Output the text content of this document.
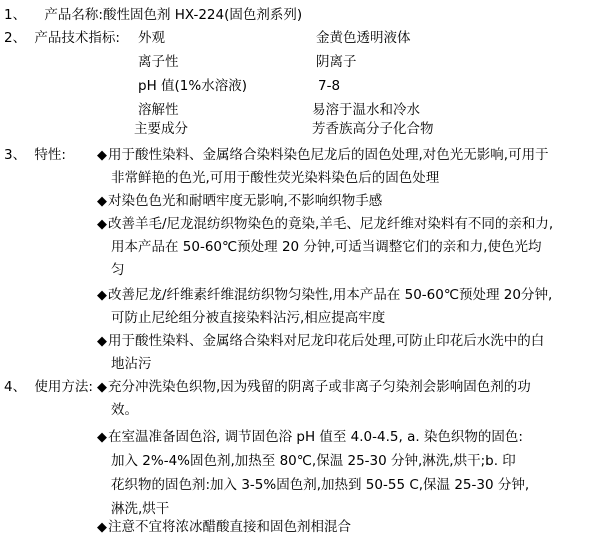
1、 产品名称:酸性固色剂 HX-224(固色剂系列)
2、 产品技术指标: 外观	金黄色透明液体
离子性	阴离子
pH 值(1%水溶液)	7-8
溶解性	易溶于温水和冷水
主要成分	芳香族高分子化合物
3、 特性: ◆用于酸性染料、金属络合染料染色尼龙后的固色处理,对色光无影响,可用于
非常鲜艳的色光,可用于酸性荧光染料染色后的固色处理
◆对染色色光和耐晒牢度无影响,不影响织物手感
◆改善羊毛/尼龙混纺织物染色的竟染,羊毛、尼龙纤维对染料有不同的亲和力,
用本产品在 50-60℃预处理 20 分钟,可适当调整它们的亲和力,使色光均
匀
◆改善尼龙/纤维素纤维混纺织物匀染性,用本产品在 50-60℃预处理 20分钟,
可防止尼纶组分被直接染料沾污,相应提高牢度
◆用于酸性染料、金属络合染料对尼龙印花后处理,可防止印花后水洗中的白
地沾污
4、 使用方法: ◆充分冲洗染色织物,因为残留的阴离子或非离子匀染剂会影响固色剂的功
效。
◆在室温准备固色浴, 调节固色浴 pH 值至 4.0-4.5, a. 染色织物的固色:
加入 2%-4%固色剂,加热至 80℃,保温 25-30 分钟,淋洗,烘干;b. 印
花织物的固色剂:加入 3-5%固色剂,加热到 50-55 C,保温 25-30 分钟,
淋洗,烘干
◆注意不宜将浓冰醋酸直接和固色剂相混合
